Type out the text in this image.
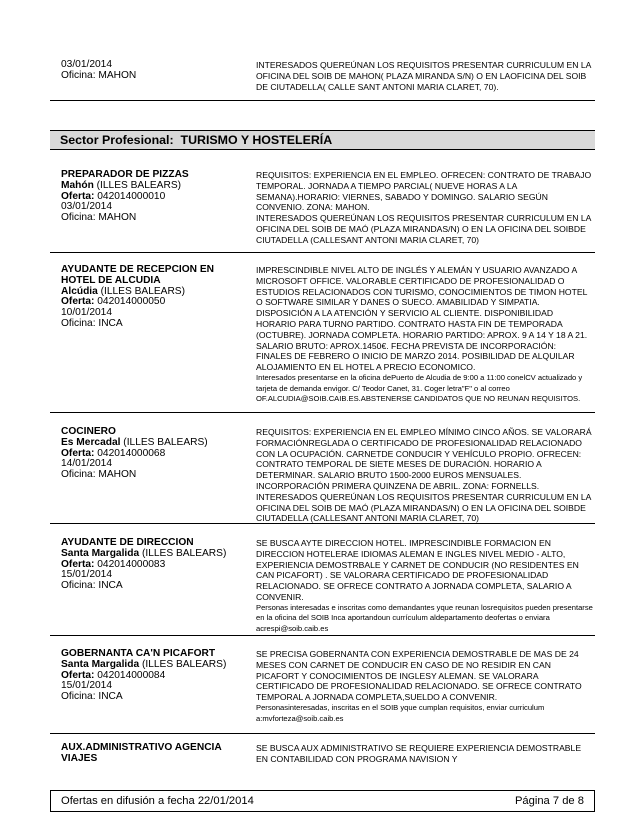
03/01/2014
Oficina: MAHON
INTERESADOS QUEREÚNAN LOS REQUISITOS PRESENTAR CURRICULUM EN LA OFICINA DEL SOIB DE MAHON( PLAZA MIRANDA S/N) O EN LAOFICINA DEL SOIB DE CIUTADELLA( CALLE SANT ANTONI MARIA CLARET, 70).
Sector Profesional: TURISMO Y HOSTELERÍA
PREPARADOR DE PIZZAS
Mahón (ILLES BALEARS)
Oferta: 042014000010
03/01/2014
Oficina: MAHON
REQUISITOS: EXPERIENCIA EN EL EMPLEO. OFRECEN: CONTRATO DE TRABAJO TEMPORAL. JORNADA A TIEMPO PARCIAL( NUEVE HORAS A LA SEMANA).HORARIO: VIERNES, SABADO Y DOMINGO. SALARIO SEGÚN CONVENIO. ZONA: MAHON.
INTERESADOS QUEREÚNAN LOS REQUISITOS PRESENTAR CURRICULUM EN LA OFICINA DEL SOIB DE MAÓ (PLAZA MIRANDAS/N) O EN LA OFICINA DEL SOIBDE CIUTADELLA (CALLESANT ANTONI MARIA CLARET, 70)
AYUDANTE DE RECEPCION EN HOTEL DE ALCUDIA
Alcúdia (ILLES BALEARS)
Oferta: 042014000050
10/01/2014
Oficina: INCA
IMPRESCINDIBLE NIVEL ALTO DE INGLÉS Y ALEMÁN Y USUARIO AVANZADO A MICROSOFT OFFICE. VALORABLE CERTIFICADO DE PROFESIONALIDAD O ESTUDIOS RELACIONADOS CON TURISMO, CONOCIMIENTOS DE TIMON HOTEL O SOFTWARE SIMILAR Y DANES O SUECO. AMABILIDAD Y SIMPATIA. DISPOSICIÓN A LA ATENCIÓN Y SERVICIO AL CLIENTE. DISPONIBILIDAD HORARIO PARA TURNO PARTIDO. CONTRATO HASTA FIN DE TEMPORADA (OCTUBRE). JORNADA COMPLETA. HORARIO PARTIDO: APROX. 9 A 14 Y 18 A 21. SALARIO BRUTO: APROX.1450€. FECHA PREVISTA DE INCORPORACIÓN: FINALES DE FEBRERO O INICIO DE MARZO 2014. POSIBILIDAD DE ALQUILAR ALOJAMIENTO EN EL HOTEL A PRECIO ECONOMICO.
Interesados presentarse en la oficina dePuerto de Alcudia de 9:00 a 11:00 conelCV actualizado y tarjeta de demanda envigor. C/ Teodor Canet, 31. Coger letra"F" o al correo OF.ALCUDIA@SOIB.CAIB.ES.ABSTENERSE CANDIDATOS QUE NO REUNAN REQUISITOS.
COCINERO
Es Mercadal (ILLES BALEARS)
Oferta: 042014000068
14/01/2014
Oficina: MAHON
REQUISITOS: EXPERIENCIA EN EL EMPLEO MÍNIMO CINCO AÑOS. SE VALORARÁ FORMACIÓNREGLADA O CERTIFICADO DE PROFESIONALIDAD RELACIONADO CON LA OCUPACIÓN. CARNETDE CONDUCIR Y VEHÍCULO PROPIO. OFRECEN: CONTRATO TEMPORAL DE SIETE MESES DE DURACIÓN. HORARIO A DETERMINAR. SALARIO BRUTO 1500-2000 EUROS MENSUALES. INCORPORACIÓN PRIMERA QUINZENA DE ABRIL. ZONA: FORNELLS.
INTERESADOS QUEREÚNAN LOS REQUISITOS PRESENTAR CURRICULUM EN LA OFICINA DEL SOIB DE MAÓ (PLAZA MIRANDAS/N) O EN LA OFICINA DEL SOIBDE CIUTADELLA (CALLESANT ANTONI MARIA CLARET, 70)
AYUDANTE DE DIRECCION
Santa Margalida (ILLES BALEARS)
Oferta: 042014000083
15/01/2014
Oficina: INCA
SE BUSCA AYTE DIRECCION HOTEL. IMPRESCINDIBLE FORMACION EN DIRECCION HOTELERAE IDIOMAS ALEMAN E INGLES NIVEL MEDIO - ALTO, EXPERIENCIA DEMOSTRBALE Y CARNET DE CONDUCIR (NO RESIDENTES EN CAN PICAFORT) . SE VALORARA CERTIFICADO DE PROFESIONALIDAD RELACIONADO. SE OFRECE CONTRATO A JORNADA COMPLETA, SALARIO A CONVENIR.
Personas interesadas e inscritas como demandantes yque reunan losrequisitos pueden presentarse en la oficina del SOIB Inca aportandoun currículum aldepartamento deofertas o enviara acrespi@soib.caib.es
GOBERNANTA CA'N PICAFORT
Santa Margalida (ILLES BALEARS)
Oferta: 042014000084
15/01/2014
Oficina: INCA
SE PRECISA GOBERNANTA CON EXPERIENCIA DEMOSTRABLE DE MAS DE 24 MESES CON CARNET DE CONDUCIR EN CASO DE NO RESIDIR EN CAN PICAFORT Y CONOCIMIENTOS DE INGLESY ALEMAN. SE VALORARA CERTIFICADO DE PROFESIONALIDAD RELACIONADO. SE OFRECE CONTRATO TEMPORAL A JORNADA COMPLETA,SUELDO A CONVENIR.
Personasinteresadas, inscritas en el SOIB yque cumplan requisitos, enviar curriculum a:mvforteza@soib.caib.es
AUX.ADMINISTRATIVO AGENCIA VIAJES
SE BUSCA AUX ADMINISTRATIVO SE REQUIERE EXPERIENCIA DEMOSTRABLE EN CONTABILIDAD CON PROGRAMA NAVISION Y
Ofertas en difusión a fecha 22/01/2014	Página 7 de 8
